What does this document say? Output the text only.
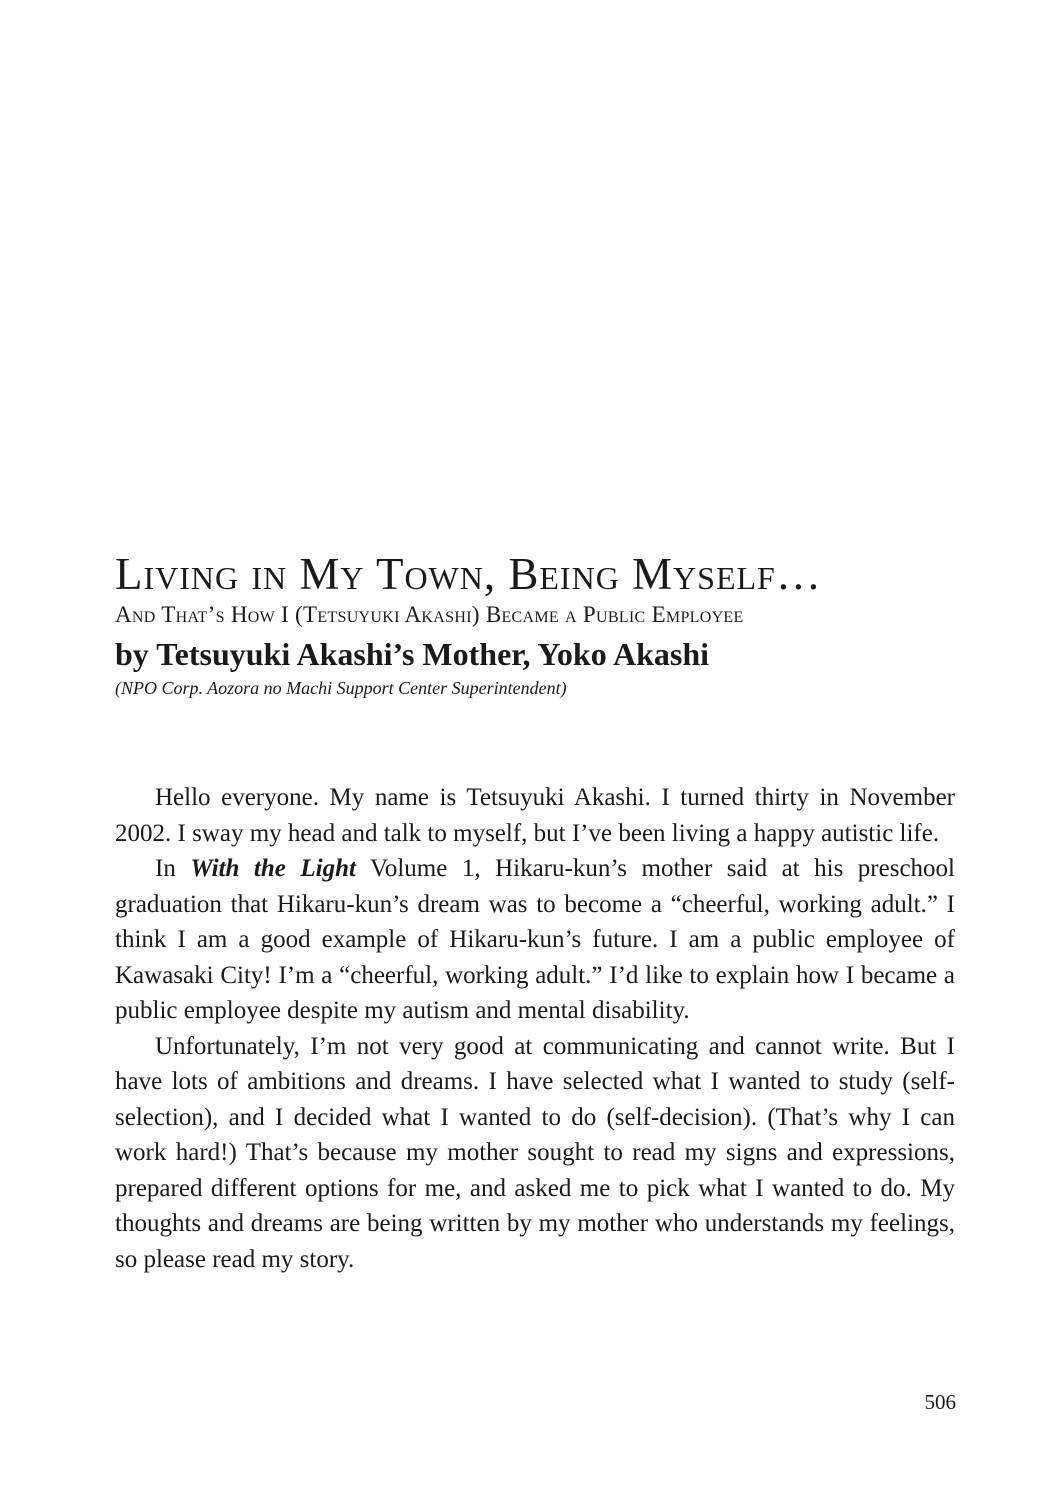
Living in My Town, Being Myself…
And That’s How I (Tetsuyuki Akashi) Became a Public Employee
by Tetsuyuki Akashi’s Mother, Yoko Akashi
(NPO Corp. Aozora no Machi Support Center Superintendent)

Hello everyone. My name is Tetsuyuki Akashi. I turned thirty in November 2002. I sway my head and talk to myself, but I’ve been living a happy autistic life.

In With the Light Volume 1, Hikaru-kun’s mother said at his preschool graduation that Hikaru-kun’s dream was to become a “cheerful, working adult.” I think I am a good example of Hikaru-kun’s future. I am a public employee of Kawasaki City! I’m a “cheerful, working adult.” I’d like to explain how I became a public employee despite my autism and mental disability.

Unfortunately, I’m not very good at communicating and cannot write. But I have lots of ambitions and dreams. I have selected what I wanted to study (self-selection), and I decided what I wanted to do (self-decision). (That’s why I can work hard!) That’s because my mother sought to read my signs and expressions, prepared different options for me, and asked me to pick what I wanted to do. My thoughts and dreams are being written by my mother who understands my feelings, so please read my story.

506
